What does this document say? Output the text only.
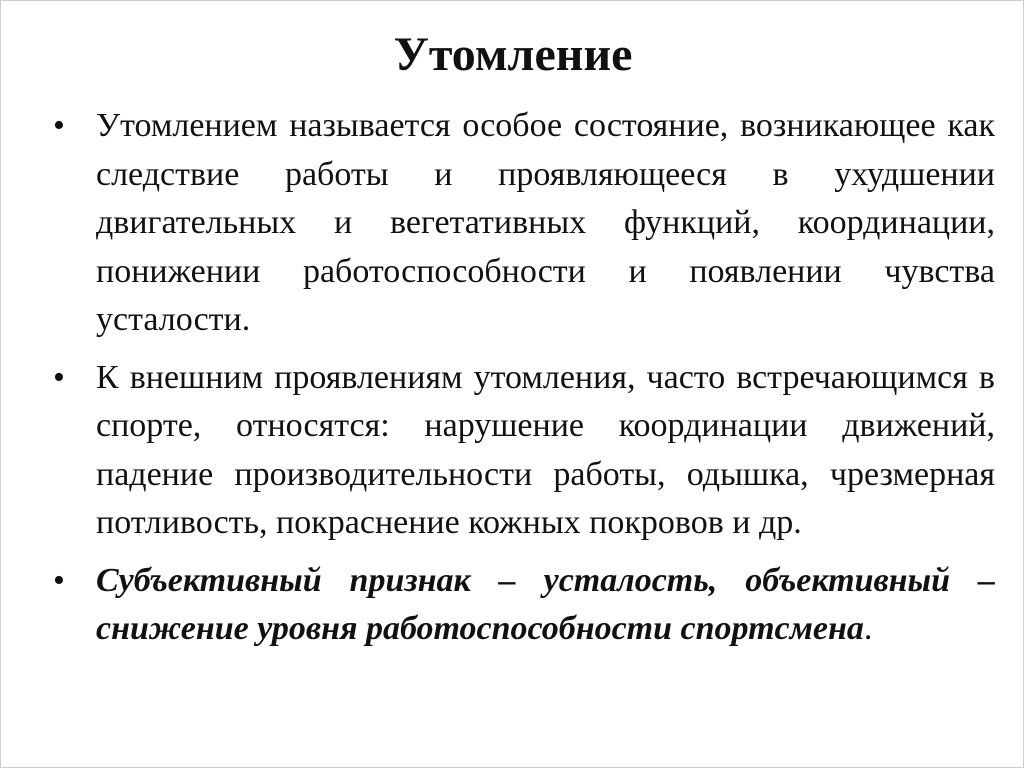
Утомление
• Утомлением называется особое состояние, возникающее как следствие работы и проявляющееся в ухудшении двигательных и вегетативных функций, координации, понижении работоспособности и появлении чувства усталости.
• К внешним проявлениям утомления, часто встречающимся в спорте, относятся: нарушение координации движений, падение производительности работы, одышка, чрезмерная потливость, покраснение кожных покровов и др.
• Субъективный признак – усталость, объективный – снижение уровня работоспособности спортсмена.
